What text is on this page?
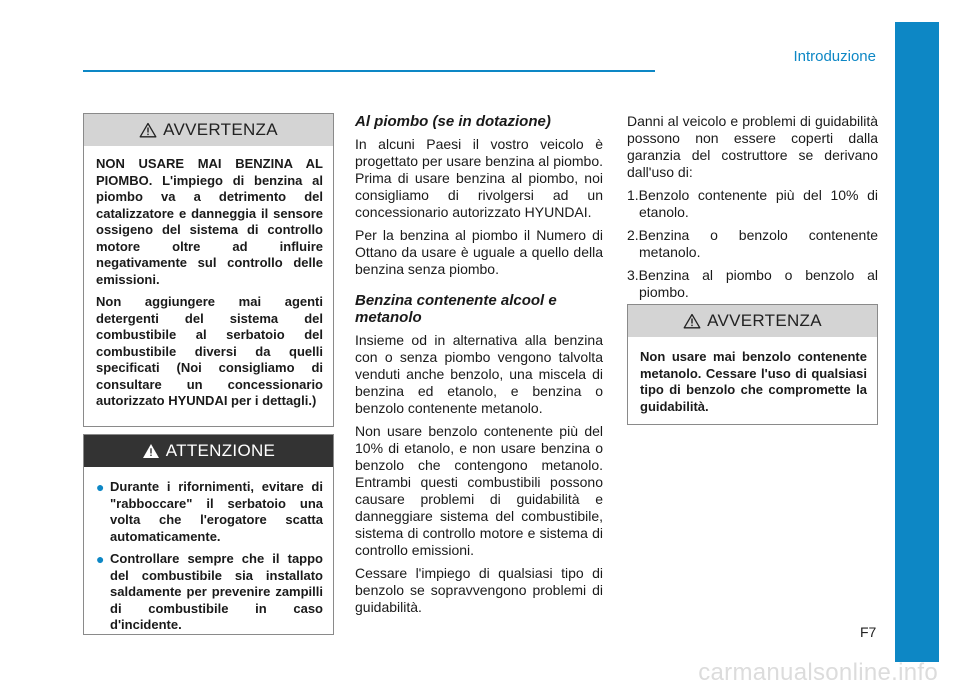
Introduzione
AVVERTENZA

NON USARE MAI BENZINA AL PIOMBO. L'impiego di benzina al piombo va a detrimento del catalizzatore e danneggia il sensore ossigeno del sistema di controllo motore oltre ad influire negativamente sul controllo delle emissioni.

Non aggiungere mai agenti detergenti del sistema del combustibile al serbatoio del combustibile diversi da quelli specificati (Noi consigliamo di consultare un concessionario autorizzato HYUNDAI per i dettagli.)

ATTENZIONE
● Durante i rifornimenti, evitare di "rabboccare" il serbatoio una volta che l'erogatore scatta automaticamente.
● Controllare sempre che il tappo del combustibile sia installato saldamente per prevenire zampilli di combustibile in caso d'incidente.
Al piombo (se in dotazione)

In alcuni Paesi il vostro veicolo è progettato per usare benzina al piombo. Prima di usare benzina al piombo, noi consigliamo di rivolgersi ad un concessionario autorizzato HYUNDAI.

Per la benzina al piombo il Numero di Ottano da usare è uguale a quello della benzina senza piombo.

Benzina contenente alcool e metanolo

Insieme od in alternativa alla benzina con o senza piombo vengono talvolta venduti anche benzolo, una miscela di benzina ed etanolo, e benzina o benzolo contenente metanolo.

Non usare benzolo contenente più del 10% di etanolo, e non usare benzina o benzolo che contengono metanolo. Entrambi questi combustibili possono causare problemi di guidabilità e danneggiare sistema del combustibile, sistema di controllo motore e sistema di controllo emissioni.

Cessare l'impiego di qualsiasi tipo di benzolo se sopravvengono problemi di guidabilità.

Danni al veicolo e problemi di guidabilità possono non essere coperti dalla garanzia del costruttore se derivano dall'uso di:

1.Benzolo contenente più del 10% di etanolo.
2.Benzina o benzolo contenente metanolo.
3.Benzina al piombo o benzolo al piombo.
AVVERTENZA

Non usare mai benzolo contenente metanolo. Cessare l'uso di qualsiasi tipo di benzolo che compromette la guidabilità.

F7
carmanualsonline.info
